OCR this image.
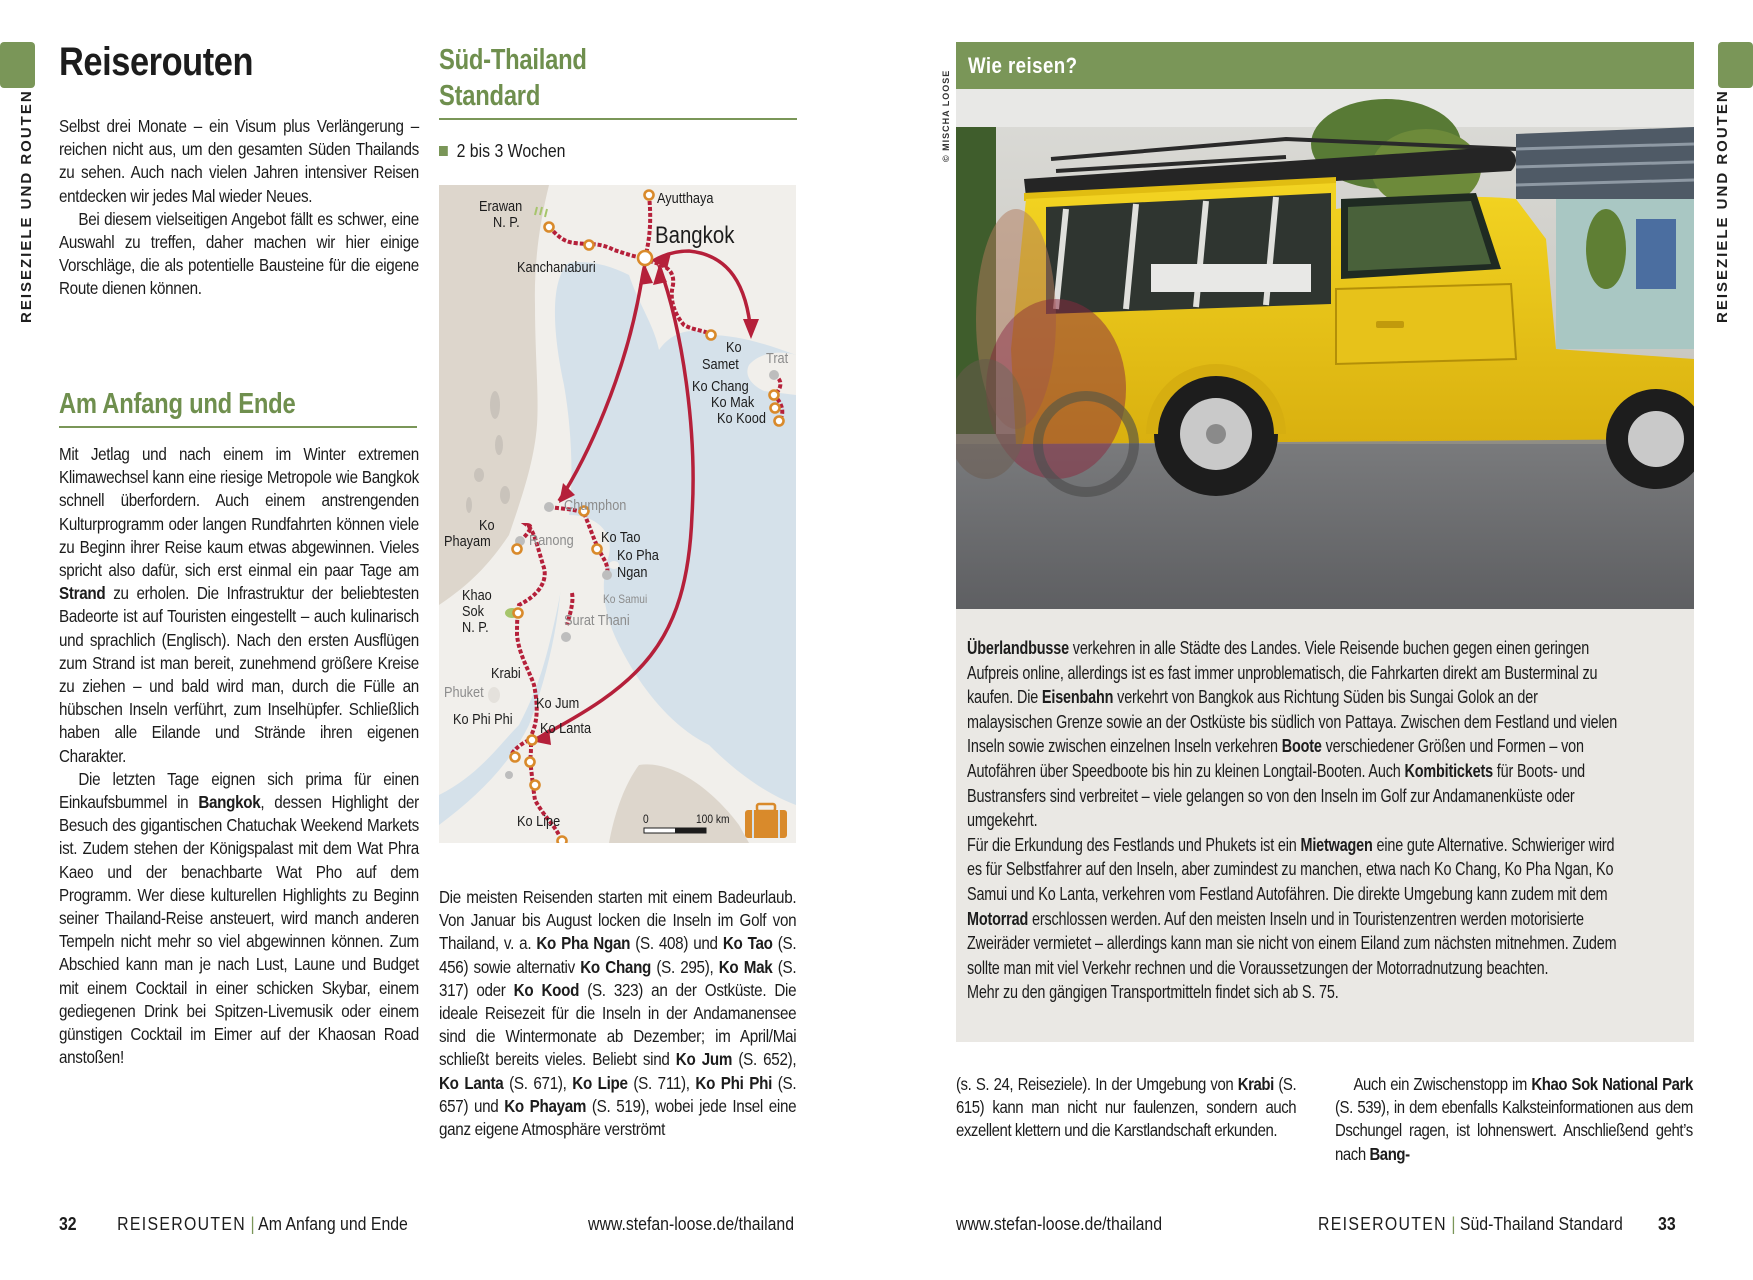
REISEZIELE UND ROUTEN
Reiserouten

Selbst drei Monate – ein Visum plus Verlängerung – reichen nicht aus, um den gesamten Süden Thailands zu sehen. Auch nach vielen Jahren intensiver Reisen entdecken wir jedes Mal wieder Neues.

Bei diesem vielseitigen Angebot fällt es schwer, eine Auswahl zu treffen, daher machen wir hier einige Vorschläge, die als potentielle Bausteine für die eigene Route dienen können.

Am Anfang und Ende

Mit Jetlag und nach einem im Winter extremen Klimawechsel kann eine riesige Metropole wie Bangkok schnell überfordern. Auch einem anstrengenden Kulturprogramm oder langen Rundfahrten können viele zu Beginn ihrer Reise kaum etwas abgewinnen. Vieles spricht also dafür, sich erst einmal ein paar Tage am Strand zu erholen. Die Infrastruktur der beliebtesten Badeorte ist auf Touristen eingestellt – auch kulinarisch und sprachlich (Englisch). Nach den ersten Ausflügen zum Strand ist man bereit, zunehmend größere Kreise zu ziehen – und bald wird man, durch die Fülle an hübschen Inseln verführt, zum Inselhüpfer. Schließlich haben alle Eilande und Strände ihren eigenen Charakter.

Die letzten Tage eignen sich prima für einen Einkaufsbummel in Bangkok, dessen Highlight der Besuch des gigantischen Chatuchak Weekend Markets ist. Zudem stehen der Königspalast mit dem Wat Phra Kaeo und der benachbarte Wat Pho auf dem Programm. Wer diese kulturellen Highlights zu Beginn seiner Thailand-Reise ansteuert, wird manch anderen Tempeln nicht mehr so viel abgewinnen können. Zum Abschied kann man je nach Lust, Laune und Budget mit einem Cocktail in einer schicken Skybar, einem gediegenen Drink bei Spitzen-Livemusik oder einem günstigen Cocktail im Eimer auf der Khaosan Road anstoßen!

Süd-Thailand
Standard
2 bis 3 Wochen
Ayutthaya
Bangkok
Erawan
N. P.
Kanchanaburi
Ko
Samet Trat
Ko Chang
Ko Mak
Ko Kood
Chumphon
Ko
Phayam	Ranong Ko Tao
Ko Pha
Ngan
Ko Samui
Surat Thani
Khao
Sok
N. P.
Krabi
Phuket
Ko Jum
Ko Phi Phi
Ko Lanta
Ko Lipe	0	100 km

Die meisten Reisenden starten mit einem Badeurlaub. Von Januar bis August locken die Inseln im Golf von Thailand, v. a. Ko Pha Ngan (S. 408) und Ko Tao (S. 456) sowie alternativ Ko Chang (S. 295), Ko Mak (S. 317) oder Ko Kood (S. 323) an der Ostküste. Die ideale Reisezeit für die Inseln in der Andamanensee sind die Wintermonate ab Dezember; im April/Mai schließt bereits vieles. Beliebt sind Ko Jum (S. 652), Ko Lanta (S. 671), Ko Lipe (S. 711), Ko Phi Phi (S. 657) und Ko Phayam (S. 519), wobei jede Insel eine ganz eigene Atmosphäre verströmt

32 REISEROUTEN | Am Anfang und Ende	www.stefan-loose.de/thailand
REISEZIELE UND ROUTEN
© MISCHA LOOSE
Wie reisen?

Überlandbusse verkehren in alle Städte des Landes. Viele Reisende buchen gegen einen geringen Aufpreis online, allerdings ist es fast immer unproblematisch, die Fahrkarten direkt am Busterminal zu kaufen. Die Eisenbahn verkehrt von Bangkok aus Richtung Süden bis Sungai Golok an der malaysischen Grenze sowie an der Ostküste bis südlich von Pattaya. Zwischen dem Festland und vielen Inseln sowie zwischen einzelnen Inseln verkehren Boote verschiedener Größen und Formen – von Autofähren über Speedboote bis hin zu kleinen Longtail-Booten. Auch Kombitickets für Boots- und Bustransfers sind verbreitet – viele gelangen so von den Inseln im Golf zur Andamanenküste oder umgekehrt.

Für die Erkundung des Festlands und Phukets ist ein Mietwagen eine gute Alternative. Schwieriger wird es für Selbstfahrer auf den Inseln, aber zumindest zu manchen, etwa nach Ko Chang, Ko Pha Ngan, Ko Samui und Ko Lanta, verkehren vom Festland Autofähren. Die direkte Umgebung kann zudem mit dem Motorrad erschlossen werden. Auf den meisten Inseln und in Touristenzentren werden motorisierte Zweiräder vermietet – allerdings kann man sie nicht von einem Eiland zum nächsten mitnehmen. Zudem sollte man mit viel Verkehr rechnen und die Voraussetzungen der Motorradnutzung beachten.

Mehr zu den gängigen Transportmitteln findet sich ab S. 75.

(s. S. 24, Reiseziele). In der Umgebung von Krabi (S. 615) kann man nicht nur faulenzen, sondern auch exzellent klettern und die Karstlandschaft erkunden.

Auch ein Zwischenstopp im Khao Sok National Park (S. 539), in dem ebenfalls Kalksteinformationen aus dem Dschungel ragen, ist lohnenswert. Anschließend geht’s nach Bang-

www.stefan-loose.de/thailand	REISEROUTEN | Süd-Thailand Standard 33
